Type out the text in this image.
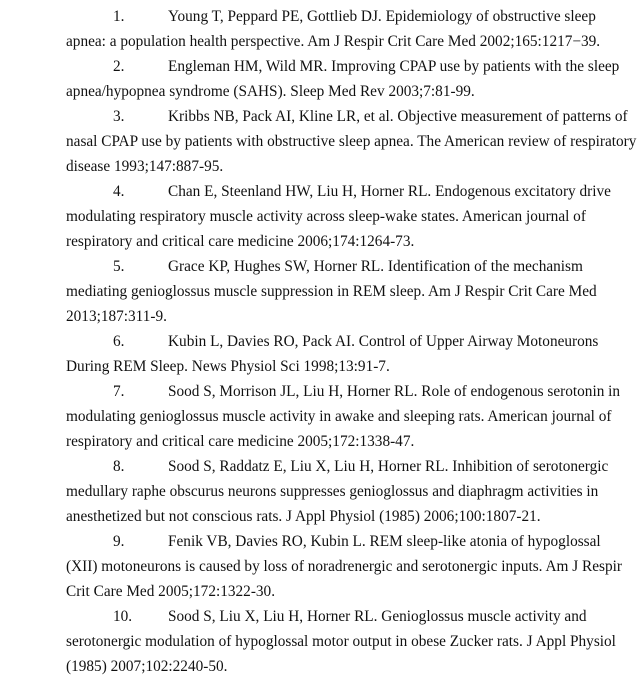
1.	Young T, Peppard PE, Gottlieb DJ. Epidemiology of obstructive sleep
apnea: a population health perspective. Am J Respir Crit Care Med 2002;165:1217−39.
2.	Engleman HM, Wild MR. Improving CPAP use by patients with the sleep
apnea/hypopnea syndrome (SAHS). Sleep Med Rev 2003;7:81-99.
3.	Kribbs NB, Pack AI, Kline LR, et al. Objective measurement of patterns of
nasal CPAP use by patients with obstructive sleep apnea. The American review of respiratory
disease 1993;147:887-95.
4.	Chan E, Steenland HW, Liu H, Horner RL. Endogenous excitatory drive
modulating respiratory muscle activity across sleep-wake states. American journal of
respiratory and critical care medicine 2006;174:1264-73.
5.	Grace KP, Hughes SW, Horner RL. Identification of the mechanism
mediating genioglossus muscle suppression in REM sleep. Am J Respir Crit Care Med
2013;187:311-9.
6.	Kubin L, Davies RO, Pack AI. Control of Upper Airway Motoneurons
During REM Sleep. News Physiol Sci 1998;13:91-7.
7.	Sood S, Morrison JL, Liu H, Horner RL. Role of endogenous serotonin in
modulating genioglossus muscle activity in awake and sleeping rats. American journal of
respiratory and critical care medicine 2005;172:1338-47.
8.	Sood S, Raddatz E, Liu X, Liu H, Horner RL. Inhibition of serotonergic
medullary raphe obscurus neurons suppresses genioglossus and diaphragm activities in
anesthetized but not conscious rats. J Appl Physiol (1985) 2006;100:1807-21.
9.	Fenik VB, Davies RO, Kubin L. REM sleep-like atonia of hypoglossal
(XII) motoneurons is caused by loss of noradrenergic and serotonergic inputs. Am J Respir
Crit Care Med 2005;172:1322-30.
10. Sood S, Liu X, Liu H, Horner RL. Genioglossus muscle activity and
serotonergic modulation of hypoglossal motor output in obese Zucker rats. J Appl Physiol
(1985) 2007;102:2240-50.
